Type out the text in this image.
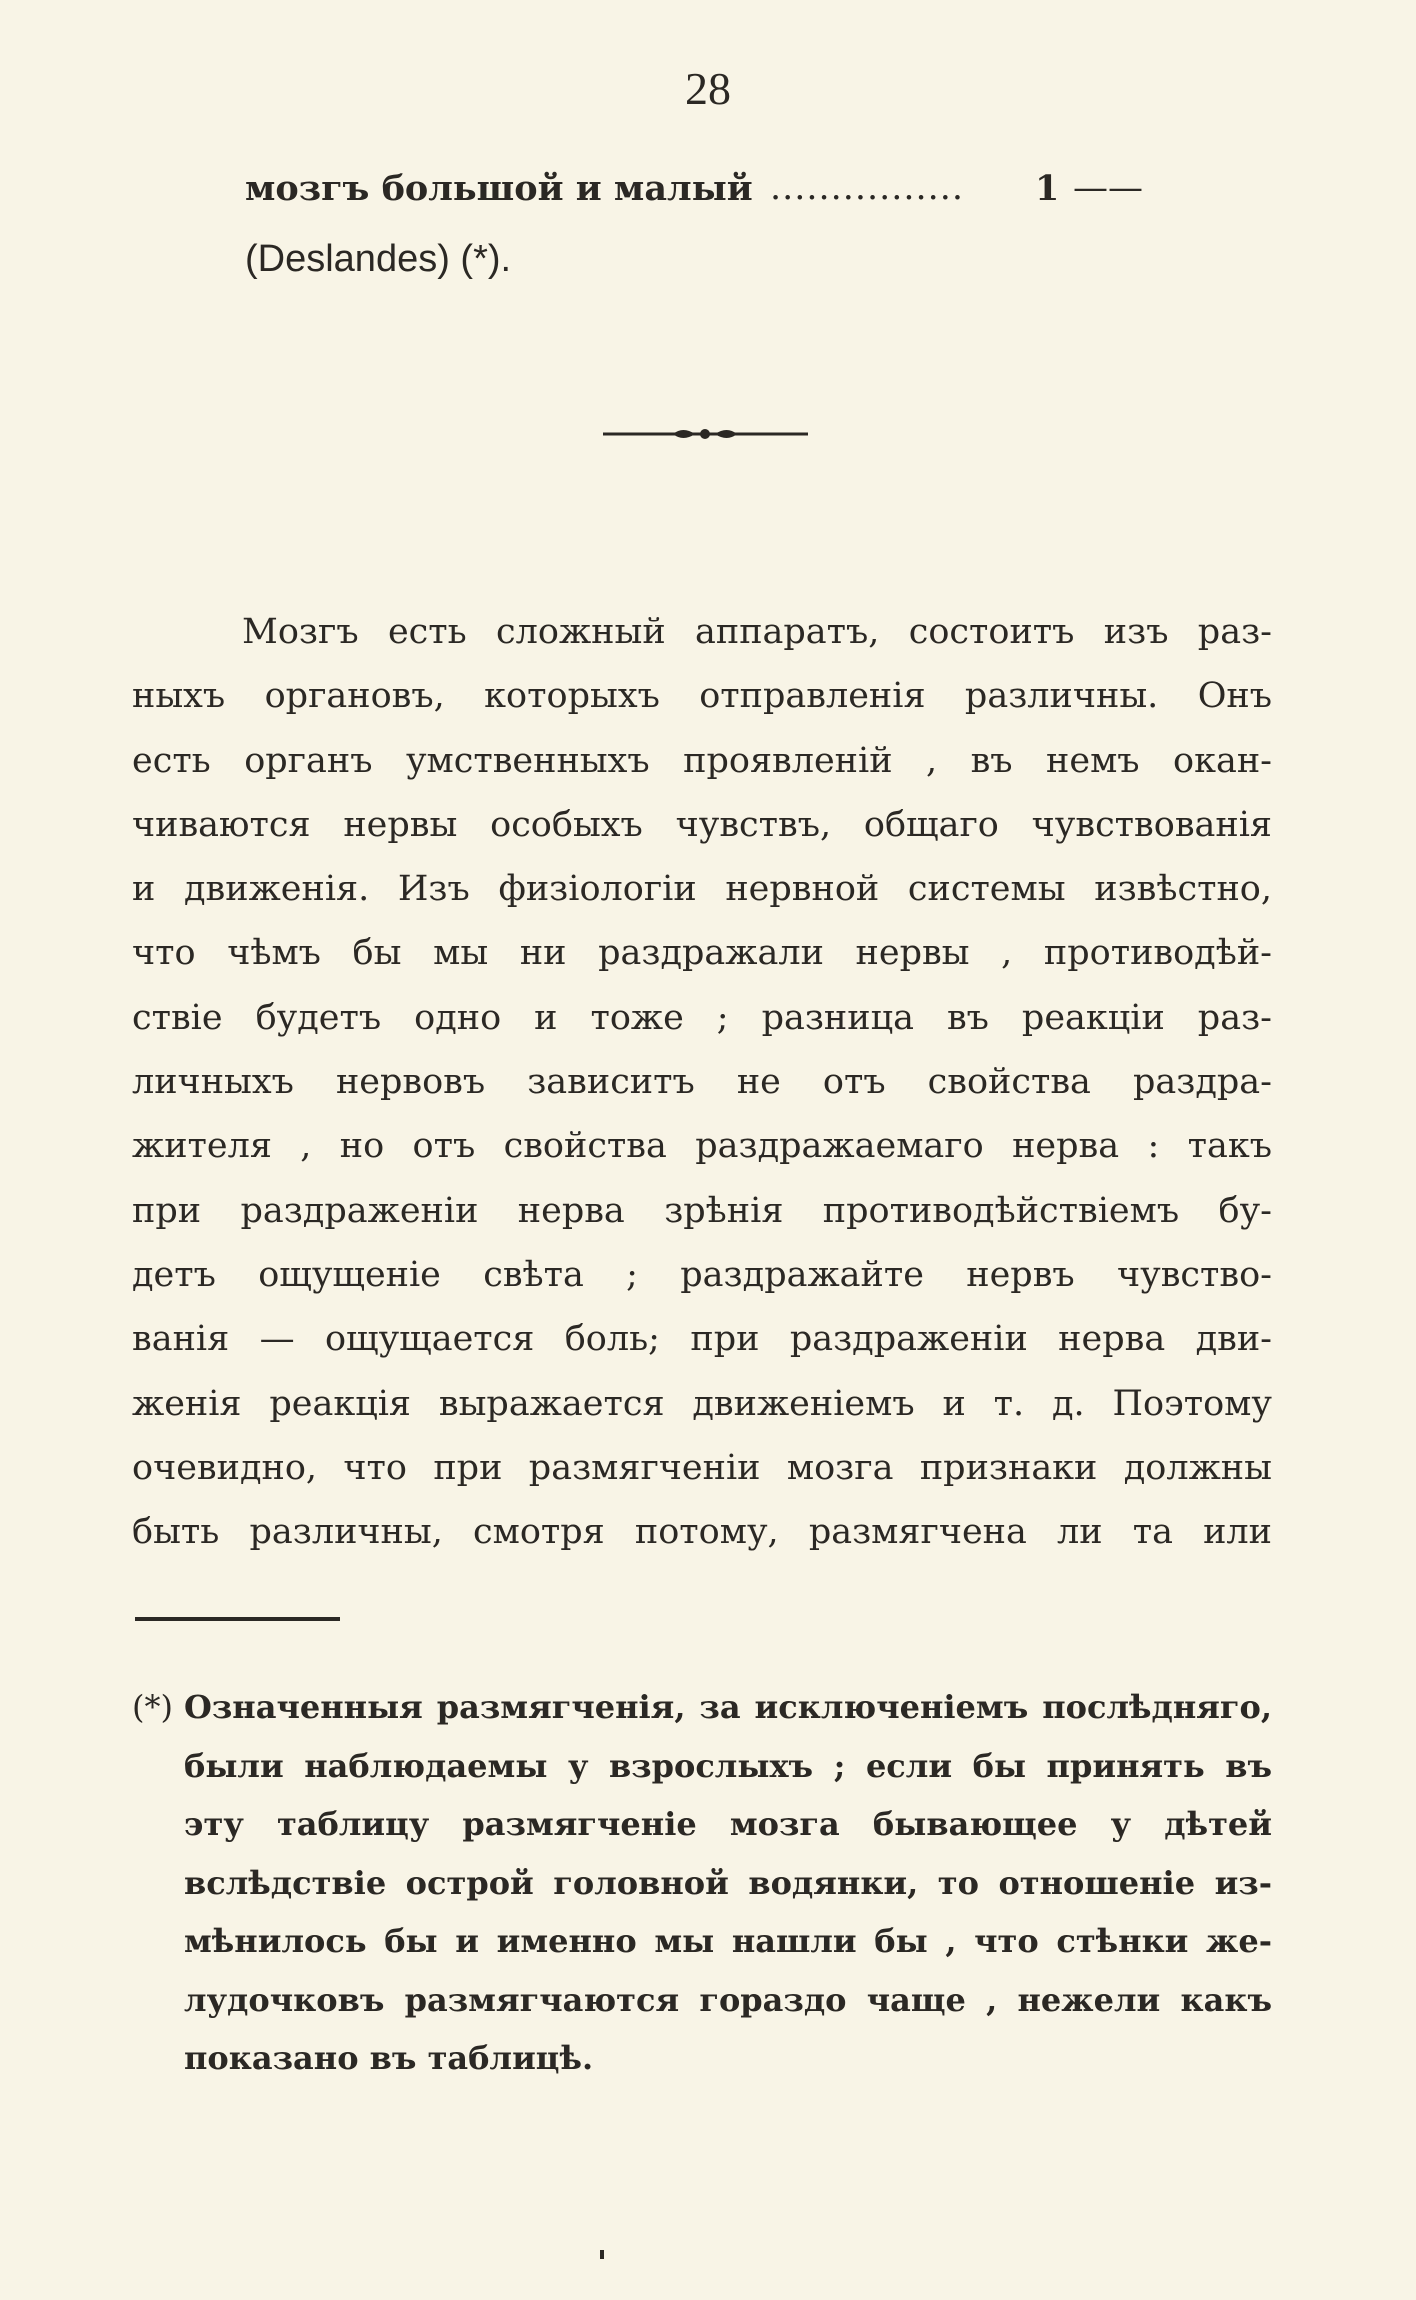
28
мозгъ большой и малый ................ 1 ——
(Deslandes) (*).
Мозгъ есть сложный аппаратъ, состоитъ изъ раз-
ныхъ органовъ, которыхъ отправленія различны. Онъ
есть органъ умственныхъ проявленій , въ немъ окан-
чиваются нервы особыхъ чувствъ, общаго чувствованія
и движенія. Изъ физіологіи нервной системы извѣстно,
что чѣмъ бы мы ни раздражали нервы , противодѣй-
ствіе будетъ одно и тоже ; разница въ реакціи раз-
личныхъ нервовъ зависитъ не отъ свойства раздра-
жителя , но отъ свойства раздражаемаго нерва : такъ
при раздраженіи нерва зрѣнія противодѣйствіемъ бу-
детъ ощущеніе свѣта ; раздражайте нервъ чувство-
ванія — ощущается боль; при раздраженіи нерва дви-
женія реакція выражается движеніемъ и т. д. Поэтому
очевидно, что при размягченіи мозга признаки должны
быть различны, смотря потому, размягчена ли та или
(*) Означенныя размягченія, за исключеніемъ послѣдняго,
были наблюдаемы у взрослыхъ ; если бы принять въ
эту таблицу размягченіе мозга бывающее у дѣтей
вслѣдствіе острой головной водянки, то отношеніе из-
мѣнилось бы и именно мы нашли бы , что стѣнки же-
лудочковъ размягчаются гораздо чаще , нежели какъ
показано въ таблицѣ.
